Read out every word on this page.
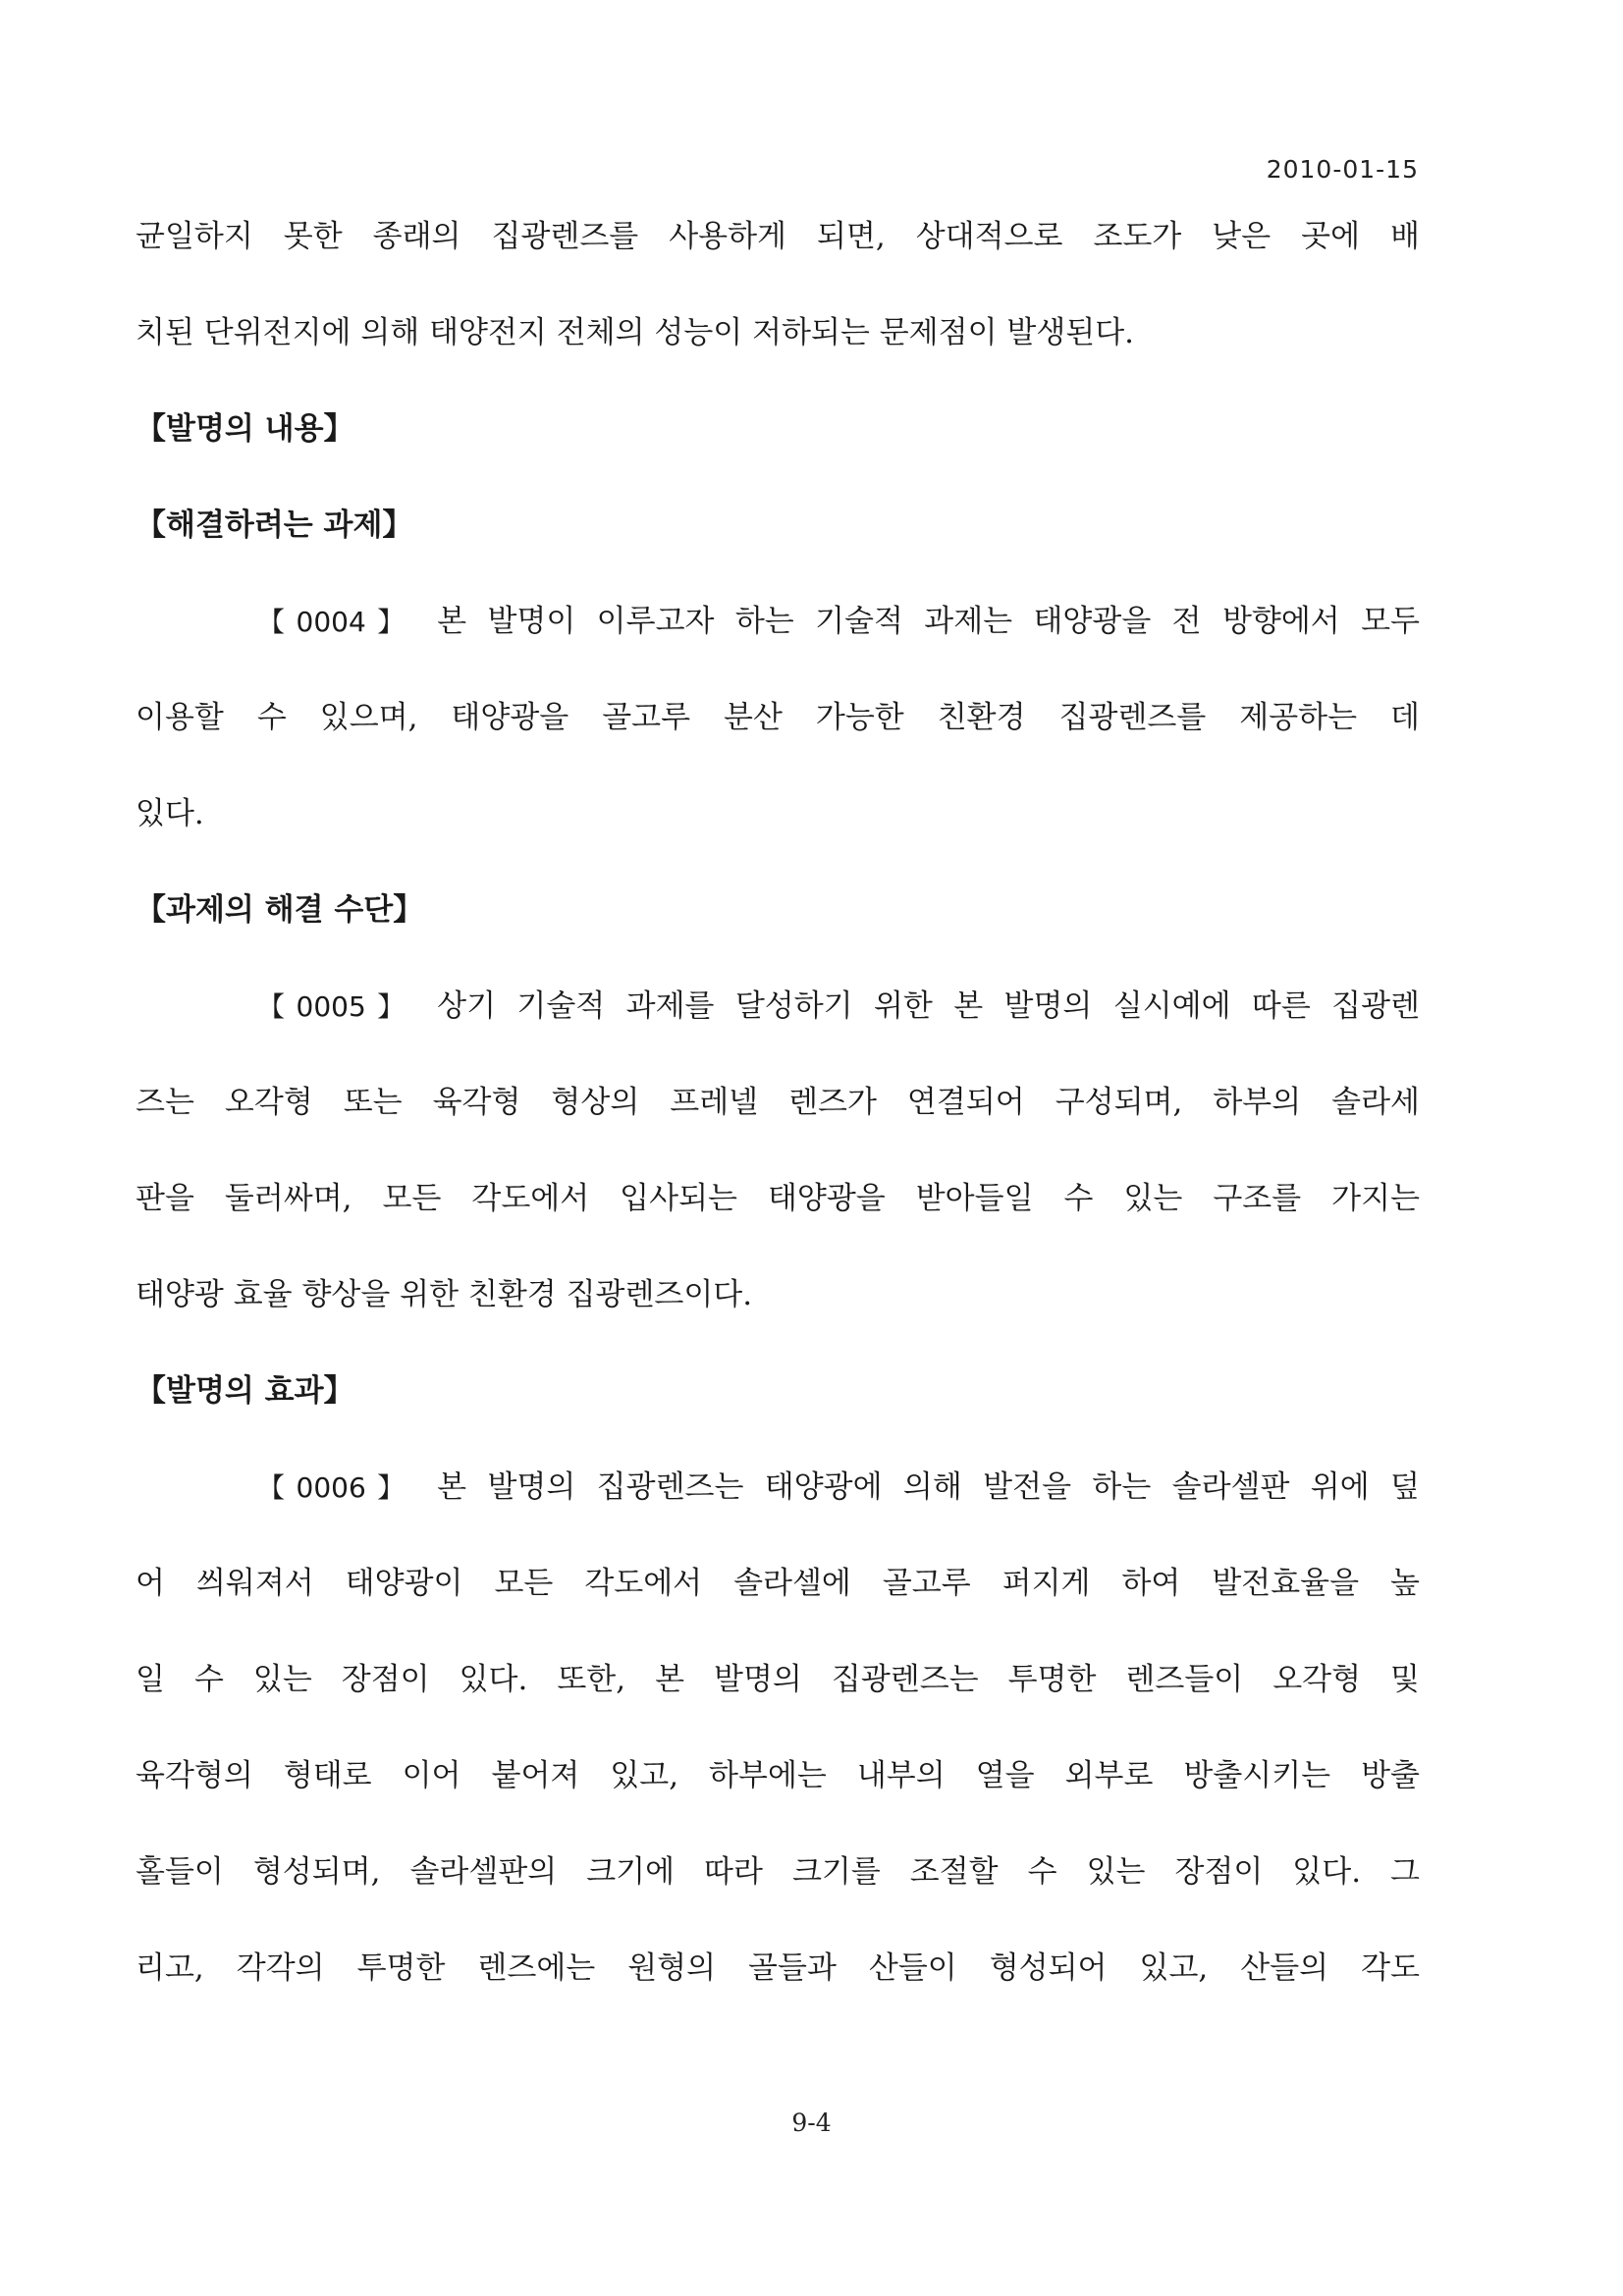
2010-01-15
균일하지 못한 종래의 집광렌즈를 사용하게 되면, 상대적으로 조도가 낮은 곳에 배
치된 단위전지에 의해 태양전지 전체의 성능이 저하되는 문제점이 발생된다.
【발명의 내용】
【해결하려는 과제】
【0004】 본 발명이 이루고자 하는 기술적 과제는 태양광을 전 방향에서 모두
이용할 수 있으며, 태양광을 골고루 분산 가능한 친환경 집광렌즈를 제공하는 데
있다.
【과제의 해결 수단】
【0005】 상기 기술적 과제를 달성하기 위한 본 발명의 실시예에 따른 집광렌
즈는 오각형 또는 육각형 형상의 프레넬 렌즈가 연결되어 구성되며, 하부의 솔라세
판을 둘러싸며, 모든 각도에서 입사되는 태양광을 받아들일 수 있는 구조를 가지는
태양광 효율 향상을 위한 친환경 집광렌즈이다.
【발명의 효과】
【0006】 본 발명의 집광렌즈는 태양광에 의해 발전을 하는 솔라셀판 위에 덮
어 씌워져서 태양광이 모든 각도에서 솔라셀에 골고루 퍼지게 하여 발전효율을 높
일 수 있는 장점이 있다. 또한, 본 발명의 집광렌즈는 투명한 렌즈들이 오각형 및
육각형의 형태로 이어 붙어져 있고, 하부에는 내부의 열을 외부로 방출시키는 방출
홀들이 형성되며, 솔라셀판의 크기에 따라 크기를 조절할 수 있는 장점이 있다. 그
리고, 각각의 투명한 렌즈에는 원형의 골들과 산들이 형성되어 있고, 산들의 각도
9-4
